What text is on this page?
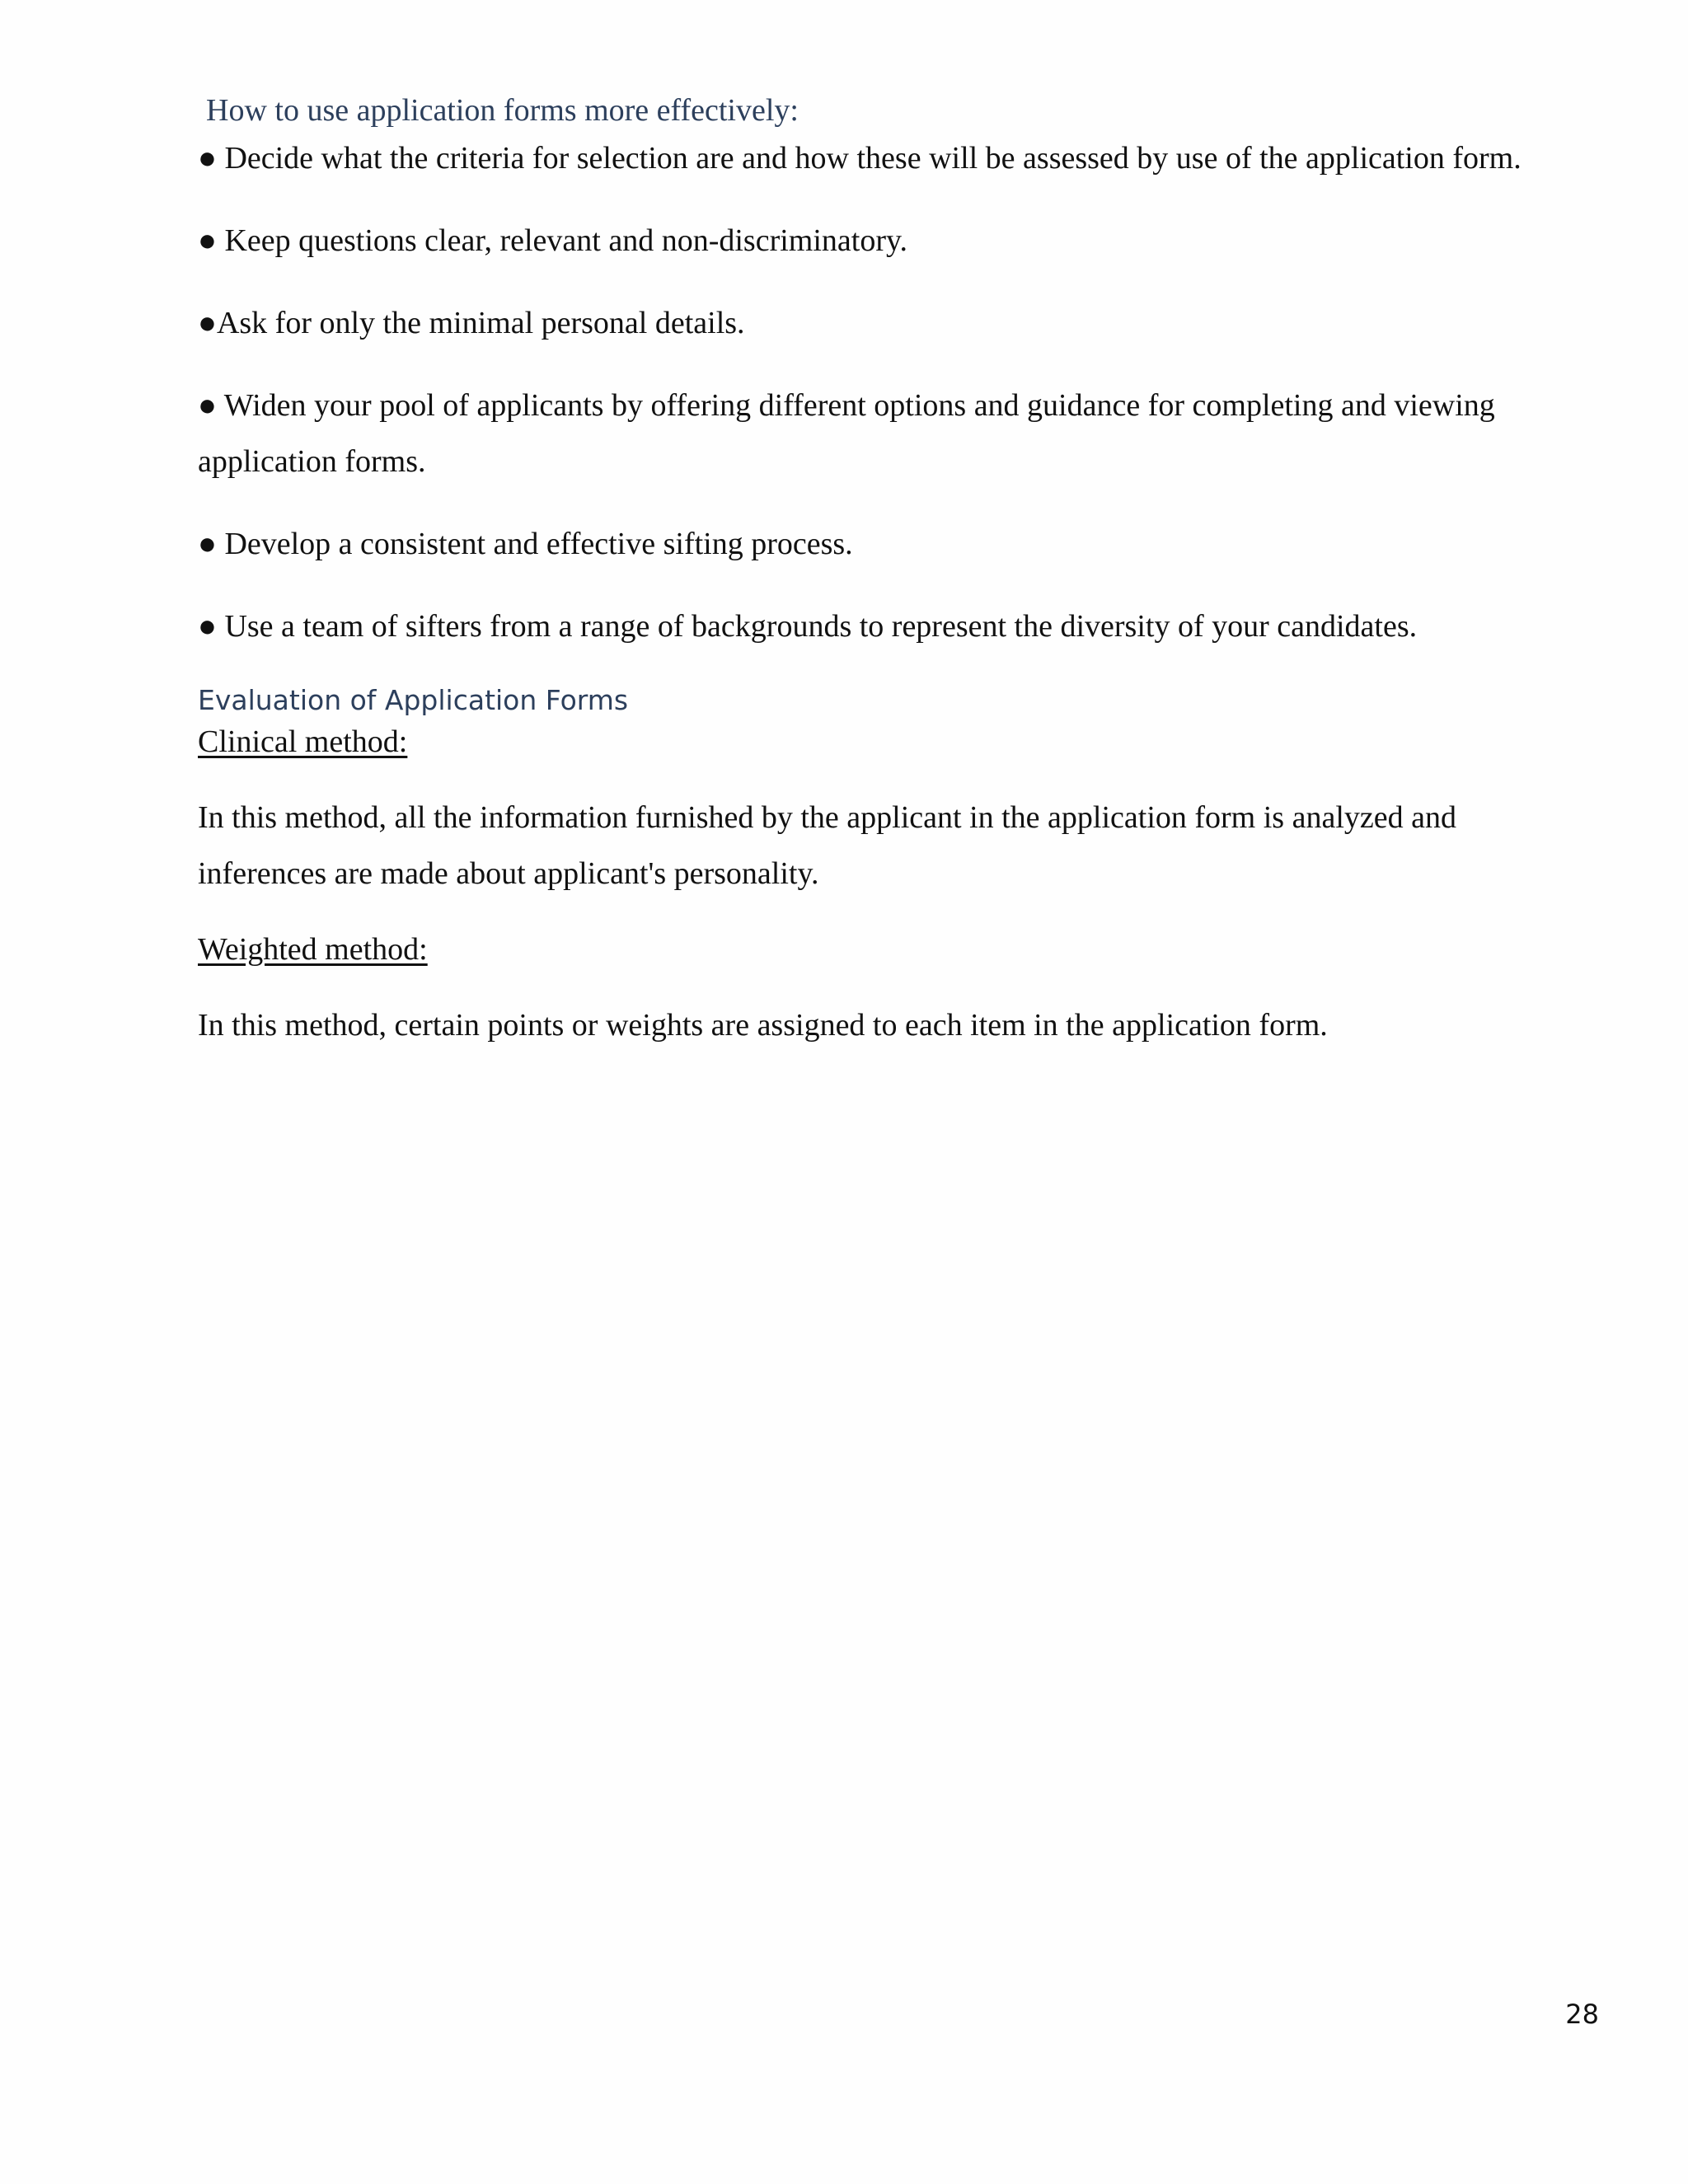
How to use application forms more effectively:

● Decide what the criteria for selection are and how these will be assessed by use of the application form.

● Keep questions clear, relevant and non-discriminatory.

●Ask for only the minimal personal details.

● Widen your pool of applicants by offering different options and guidance for completing and viewing application forms.

● Develop a consistent and effective sifting process.

● Use a team of sifters from a range of backgrounds to represent the diversity of your candidates.

Evaluation of Application Forms
Clinical method:

In this method, all the information furnished by the applicant in the application form is analyzed and inferences are made about applicant's personality.

Weighted method:

In this method, certain points or weights are assigned to each item in the application form.

28
